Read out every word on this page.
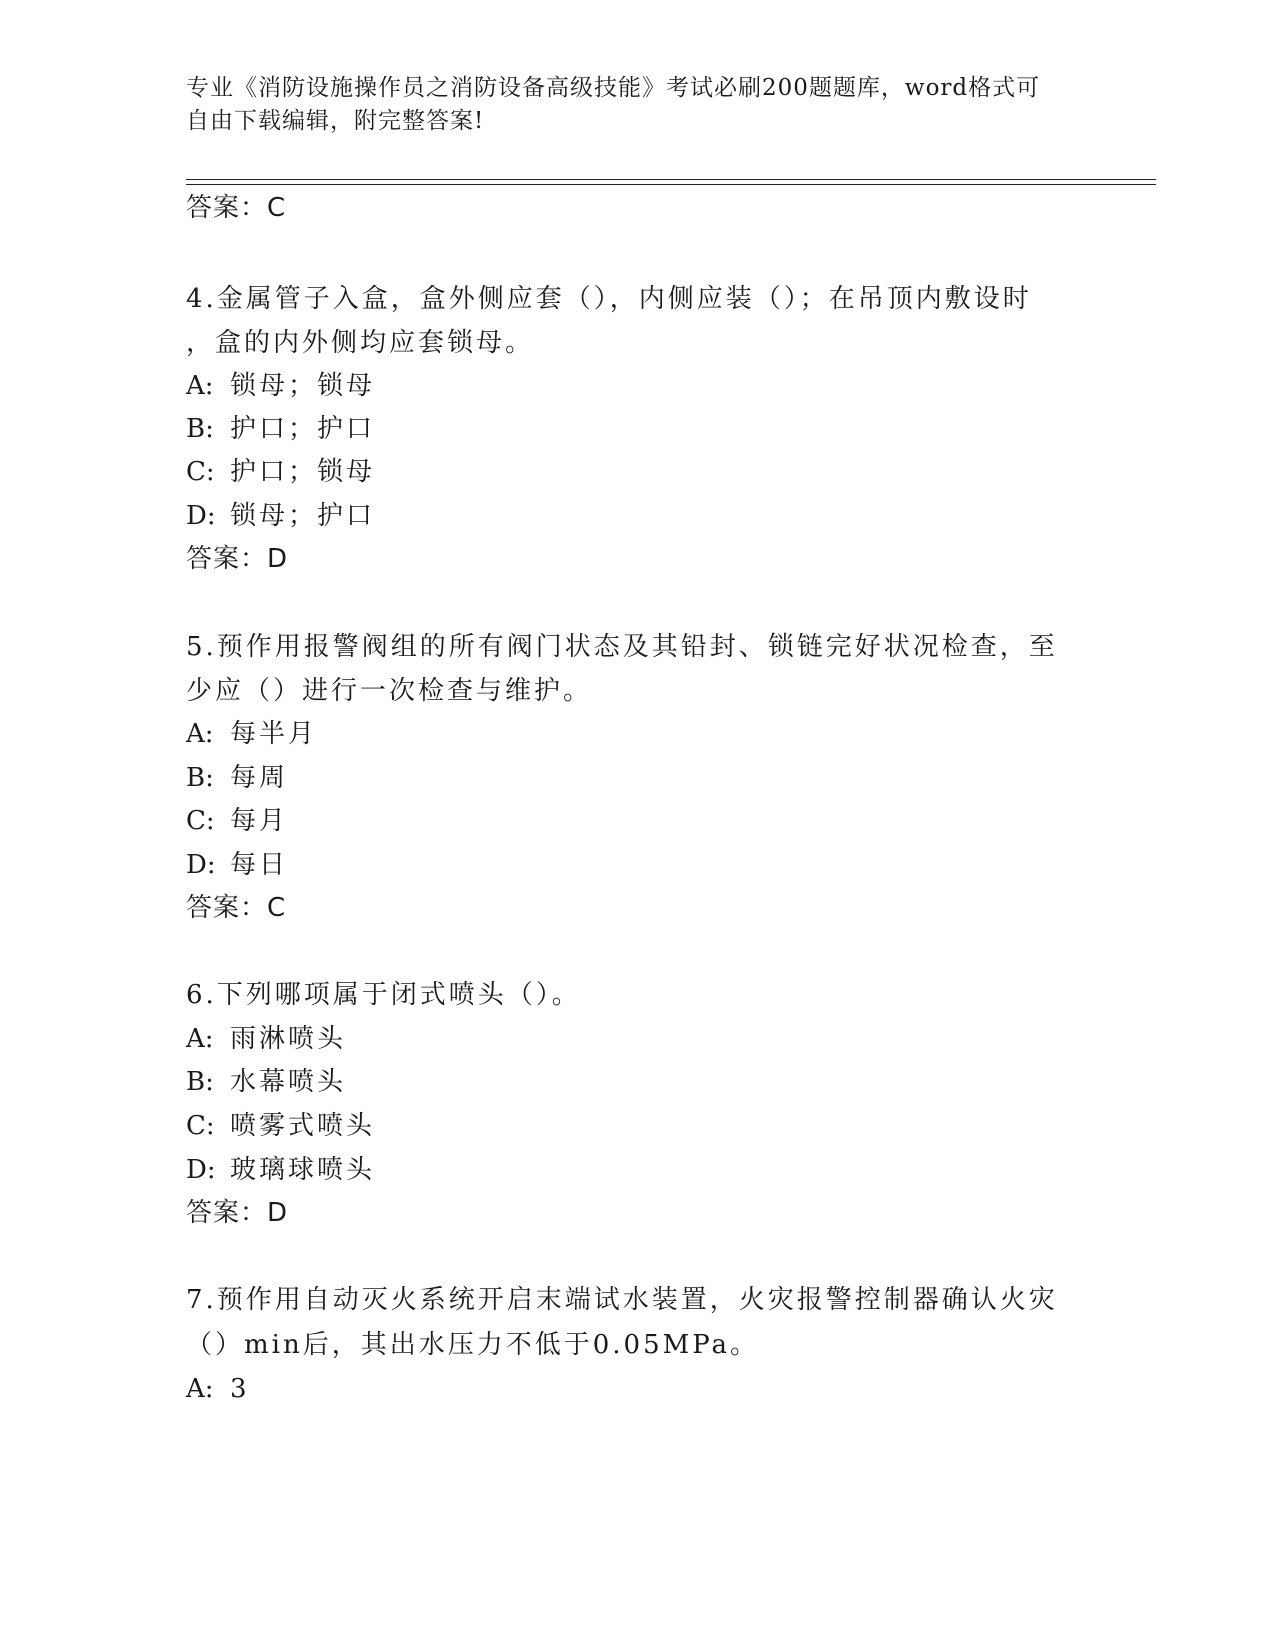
专业《消防设施操作员之消防设备高级技能》考试必刷200题题库，word格式可
自由下载编辑，附完整答案!
答案：C
4.金属管子入盒，盒外侧应套（），内侧应装（）；在吊顶内敷设时
，盒的内外侧均应套锁母。
A: 锁母；锁母
B: 护口；护口
C: 护口；锁母
D: 锁母；护口
答案：D
5.预作用报警阀组的所有阀门状态及其铅封、锁链完好状况检查，至
少应（）进行一次检查与维护。
A: 每半月
B: 每周
C: 每月
D: 每日
答案：C
6.下列哪项属于闭式喷头（）。
A: 雨淋喷头
B: 水幕喷头
C: 喷雾式喷头
D: 玻璃球喷头
答案：D
7.预作用自动灭火系统开启末端试水装置，火灾报警控制器确认火灾
（）min后，其出水压力不低于0.05MPa。
A: 3
